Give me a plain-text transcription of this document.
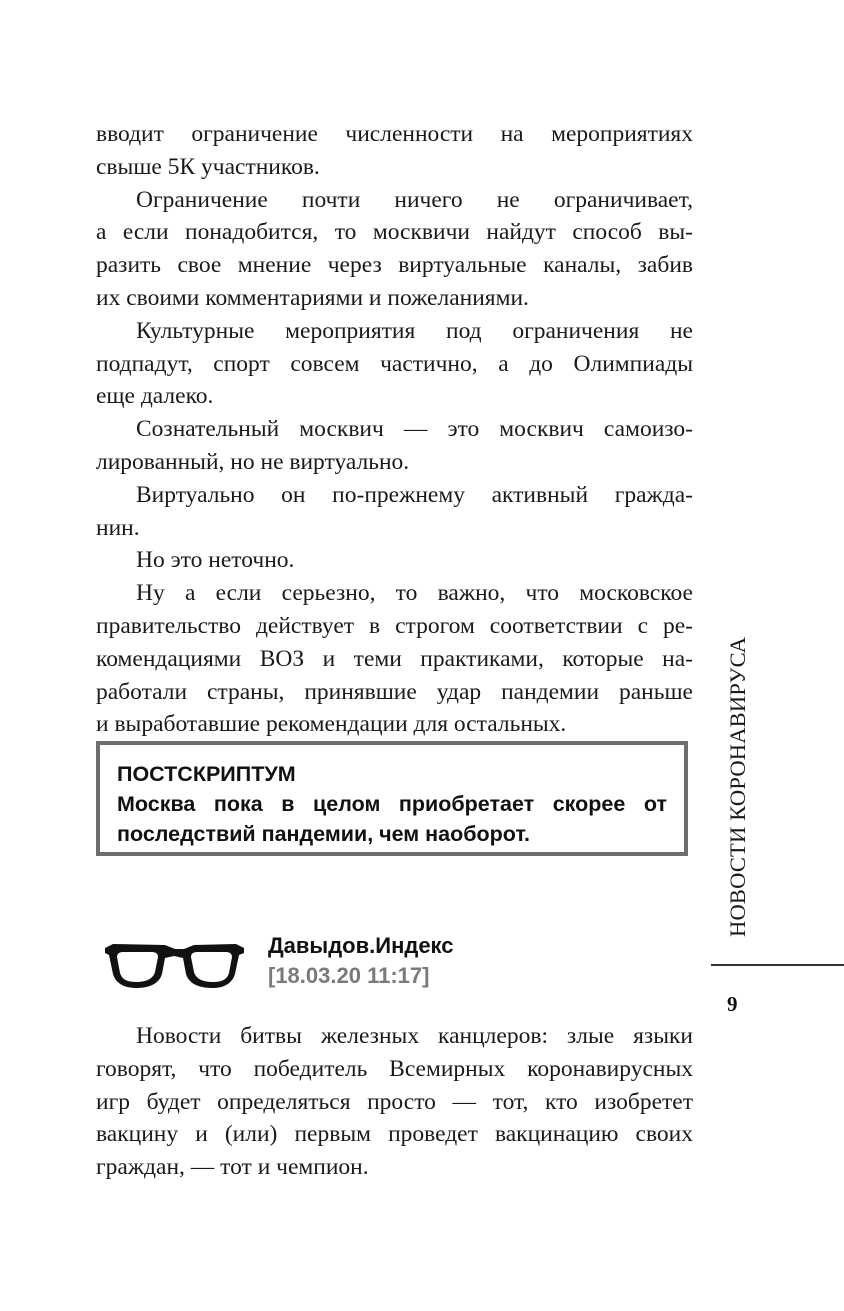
вводит ограничение численности на мероприятиях
свыше 5К участников.
Ограничение почти ничего не ограничивает,
а если понадобится, то москвичи найдут способ вы-
разить свое мнение через виртуальные каналы, забив
их своими комментариями и пожеланиями.
Культурные мероприятия под ограничения не
подпадут, спорт совсем частично, а до Олимпиады
еще далеко.
Сознательный москвич — это москвич самоизо-
лированный, но не виртуально.
Виртуально он по-прежнему активный гражда-
нин.
Но это неточно.
Ну а если серьезно, то важно, что московское
правительство действует в строгом соответствии с ре-
комендациями ВОЗ и теми практиками, которые на-
работали страны, принявшие удар пандемии раньше
и выработавшие рекомендации для остальных.
ПОСТСКРИПТУМ
Москва пока в целом приобретает скорее от
последствий пандемии, чем наоборот.
Давыдов.Индекс
[18.03.20 11:17]
Новости битвы железных канцлеров: злые языки
говорят, что победитель Всемирных коронавирусных
игр будет определяться просто — тот, кто изобретет
вакцину и (или) первым проведет вакцинацию своих
граждан, — тот и чемпион.
НОВОСТИ КОРОНАВИРУСА
9
